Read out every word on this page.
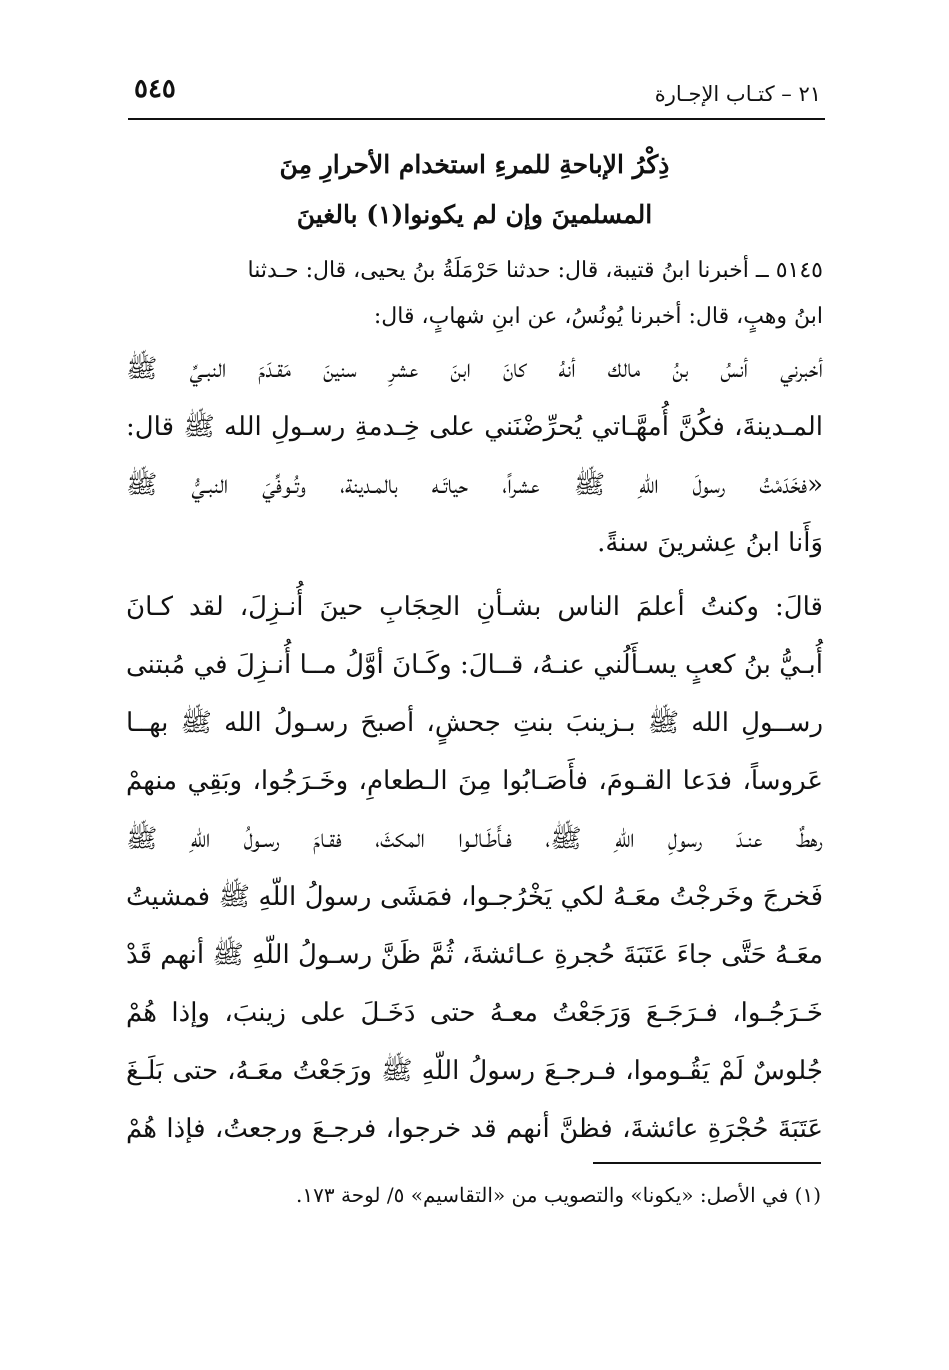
٢١ – كتـاب الإجـارة
٥٤٥
ذِكْرُ الإباحةِ للمرءِ استخدام الأحرارِ مِنَ
المسلمينَ وإن لم يكونوا(١) بالغينَ
٥١٤٥ ــ أخبرنا ابنُ قتيبة، قال: حدثنا حَرْمَلَةُ بنُ يحيى، قال: حـدثنا
ابنُ وهبٍ، قال: أخبرنا يُونُسُ، عن ابنِ شهابٍ، قال:
أخبرني أنسُ بنُ مالك أنهُ كانَ ابنَ عشرِ سنينَ مَقـدَمَ النبـيِّ ﷺ
المـدينةَ، فكُنَّ أُمهَّـاتي يُحرِّضْنَني على خِـدمةِ رسـولِ الله ﷺ قال:
«فخَدَمْتُ رسولَ اللّهِ ﷺ عشراً، حياتَـه بالمـدينة، وتُـوفِّيَ النبـيُّ ﷺ
وَأَنا ابنُ عِشرينَ سنةً.
قالَ: وكنتُ أعلمَ الناس بشـأنِ الحِجَابِ حينَ أُنـزِلَ، لقد كـانَ
أُبـيُّ بنُ كعبٍ يسـأَلُني عنـهُ، قــالَ: وكَـانَ أوَّلُ مــا أُنـزِلَ في مُبتنى
رســولِ الله ﷺ بـزينبَ بنتِ جحشٍ، أصبحَ رسـولُ الله ﷺ بهــا
عَروساً، فدَعا القـومَ، فأَصَـابُوا مِنَ الـطعامِ، وخَـرَجُوا، وبَقِي منهمْ
رهطٌ عنـدَ رسولِ اللّهِ ﷺ، فـأَطَـالـوا المكثَ، فقـامَ رسـولُ اللّهِ ﷺ
فَخرجَ وخَرجْتُ معَـهُ لكي يَخْرُجـوا، فمَشَى رسولُ اللّهِ ﷺ فمشيتُ
معَـهُ حَتَّى جاءَ عَتَبَةَ حُجرةِ عـائشةَ، ثُمَّ ظَنَّ رسـولُ اللّهِ ﷺ أنهم قَدْ
خَـرَجُـوا، فـرَجَـعَ وَرَجَعْتُ معـهُ حتى دَخَـلَ على زينبَ، وإذا هُمْ
جُلوسٌ لَمْ يَقُـوموا، فـرجـعَ رسولُ اللّهِ ﷺ ورَجَعْتُ معَـهُ، حتى بَلَـغَ
عَتَبَةَ حُجْرَةِ عائشةَ، فظنَّ أنهم قد خرجوا، فرجـعَ ورجعتُ، فإذا هُمْ
(١) في الأصل: «يكونا» والتصويب من «التقاسيم» ٥/ لوحة ١٧٣.
